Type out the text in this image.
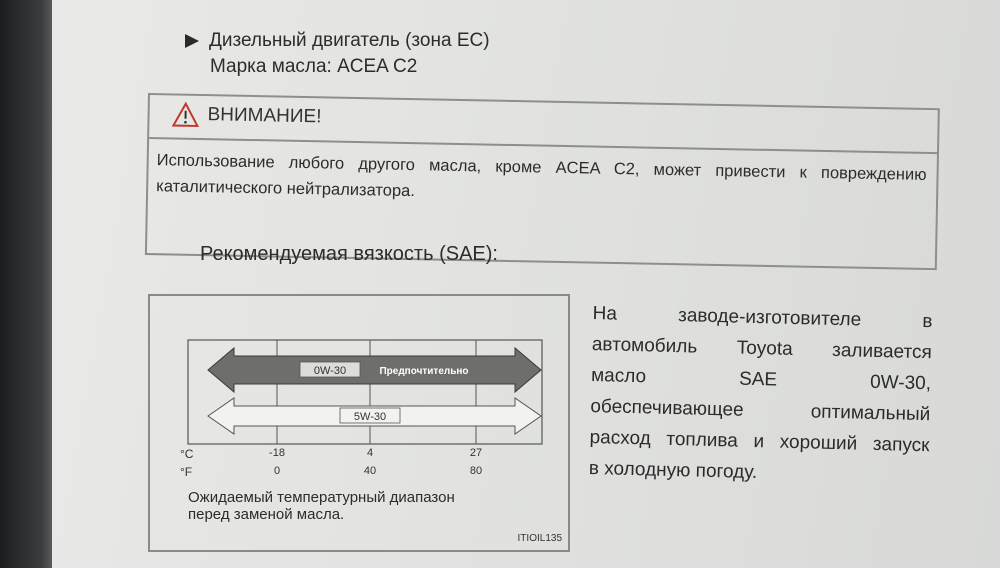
Дизельный двигатель (зона EC)
Марка масла: ACEA C2
ВНИМАНИЕ!
Использование любого другого масла, кроме ACEA C2, может привести к повреждению каталитического нейтрализатора.
Рекомендуемая вязкость (SAE):
0W-30	Предпочтительно
5W-30
°C
°F
-18	4	27
0	40	80
Ожидаемый температурный диапазон
перед заменой масла.
ITIOIL135
На заводе-изготовителе в
автомобиль Toyota заливается
масло SAE 0W-30,
обеспечивающее оптимальный
расход топлива и хороший запуск
в холодную погоду.
